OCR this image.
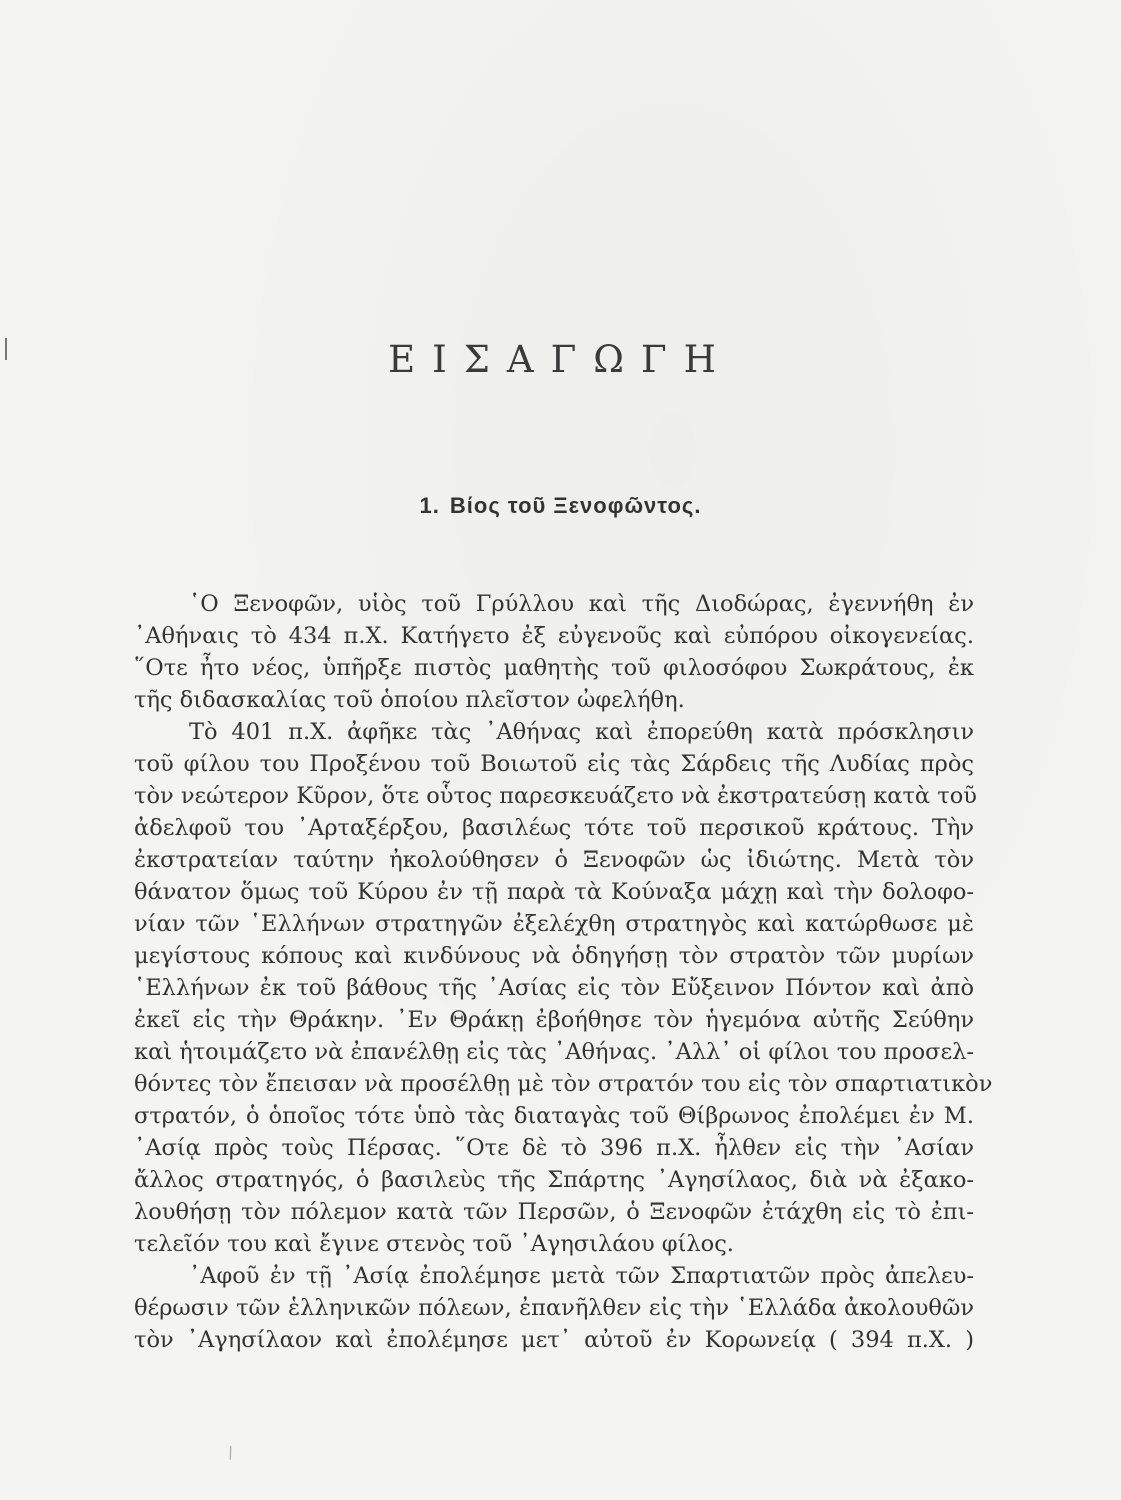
ΕΙΣΑΓΩΓΗ
1. Βίος τοῦ Ξενοφῶντος.
῾Ο Ξενοφῶν, υἱὸς τοῦ Γρύλλου καὶ τῆς Διοδώρας, ἐγεννήθη ἐν
᾿Αθήναις τὸ 434 π.Χ. Κατήγετο ἐξ εὐγενοῦς καὶ εὐπόρου οἰκογενείας.
῞Οτε ἦτο νέος, ὑπῆρξε πιστὸς μαθητὴς τοῦ φιλοσόφου Σωκράτους, ἐκ
τῆς διδασκαλίας τοῦ ὁποίου πλεῖστον ὠφελήθη.
Τὸ 401 π.Χ. ἀφῆκε τὰς ᾿Αθήνας καὶ ἐπορεύθη κατὰ πρόσκλησιν
τοῦ φίλου του Προξένου τοῦ Βοιωτοῦ εἰς τὰς Σάρδεις τῆς Λυδίας πρὸς
τὸν νεώτερον Κῦρον, ὅτε οὗτος παρεσκευάζετο νὰ ἐκστρατεύσῃ κατὰ τοῦ
ἀδελφοῦ του ᾿Αρταξέρξου, βασιλέως τότε τοῦ περσικοῦ κράτους. Τὴν
ἐκστρατείαν ταύτην ἠκολούθησεν ὁ Ξενοφῶν ὡς ἰδιώτης. Μετὰ τὸν
θάνατον ὅμως τοῦ Κύρου ἐν τῇ παρὰ τὰ Κούναξα μάχῃ καὶ τὴν δολοφο-
νίαν τῶν ῾Ελλήνων στρατηγῶν ἐξελέχθη στρατηγὸς καὶ κατώρθωσε μὲ
μεγίστους κόπους καὶ κινδύνους νὰ ὁδηγήσῃ τὸν στρατὸν τῶν μυρίων
῾Ελλήνων ἐκ τοῦ βάθους τῆς ᾿Ασίας εἰς τὸν Εὔξεινον Πόντον καὶ ἀπὸ
ἐκεῖ εἰς τὴν Θράκην. ᾿Εν Θράκῃ ἐβοήθησε τὸν ἡγεμόνα αὐτῆς Σεύθην
καὶ ἡτοιμάζετο νὰ ἐπανέλθῃ εἰς τὰς ᾿Αθήνας. ᾿Αλλ᾿ οἱ φίλοι του προσελ-
θόντες τὸν ἔπεισαν νὰ προσέλθῃ μὲ τὸν στρατόν του εἰς τὸν σπαρτιατικὸν
στρατόν, ὁ ὁποῖος τότε ὑπὸ τὰς διαταγὰς τοῦ Θίβρωνος ἐπολέμει ἐν Μ.
᾿Ασίᾳ πρὸς τοὺς Πέρσας. ῞Οτε δὲ τὸ 396 π.Χ. ἦλθεν εἰς τὴν ᾿Ασίαν
ἄλλος στρατηγός, ὁ βασιλεὺς τῆς Σπάρτης ᾿Αγησίλαος, διὰ νὰ ἐξακο-
λουθήσῃ τὸν πόλεμον κατὰ τῶν Περσῶν, ὁ Ξενοφῶν ἐτάχθη εἰς τὸ ἐπι-
τελεῖόν του καὶ ἔγινε στενὸς τοῦ ᾿Αγησιλάου φίλος.
᾿Αφοῦ ἐν τῇ ᾿Ασίᾳ ἐπολέμησε μετὰ τῶν Σπαρτιατῶν πρὸς ἀπελευ-
θέρωσιν τῶν ἑλληνικῶν πόλεων, ἐπανῆλθεν εἰς τὴν ῾Ελλάδα ἀκολουθῶν
τὸν ᾿Αγησίλαον καὶ ἐπολέμησε μετ᾿ αὐτοῦ ἐν Κορωνείᾳ ( 394 π.Χ. )
\
